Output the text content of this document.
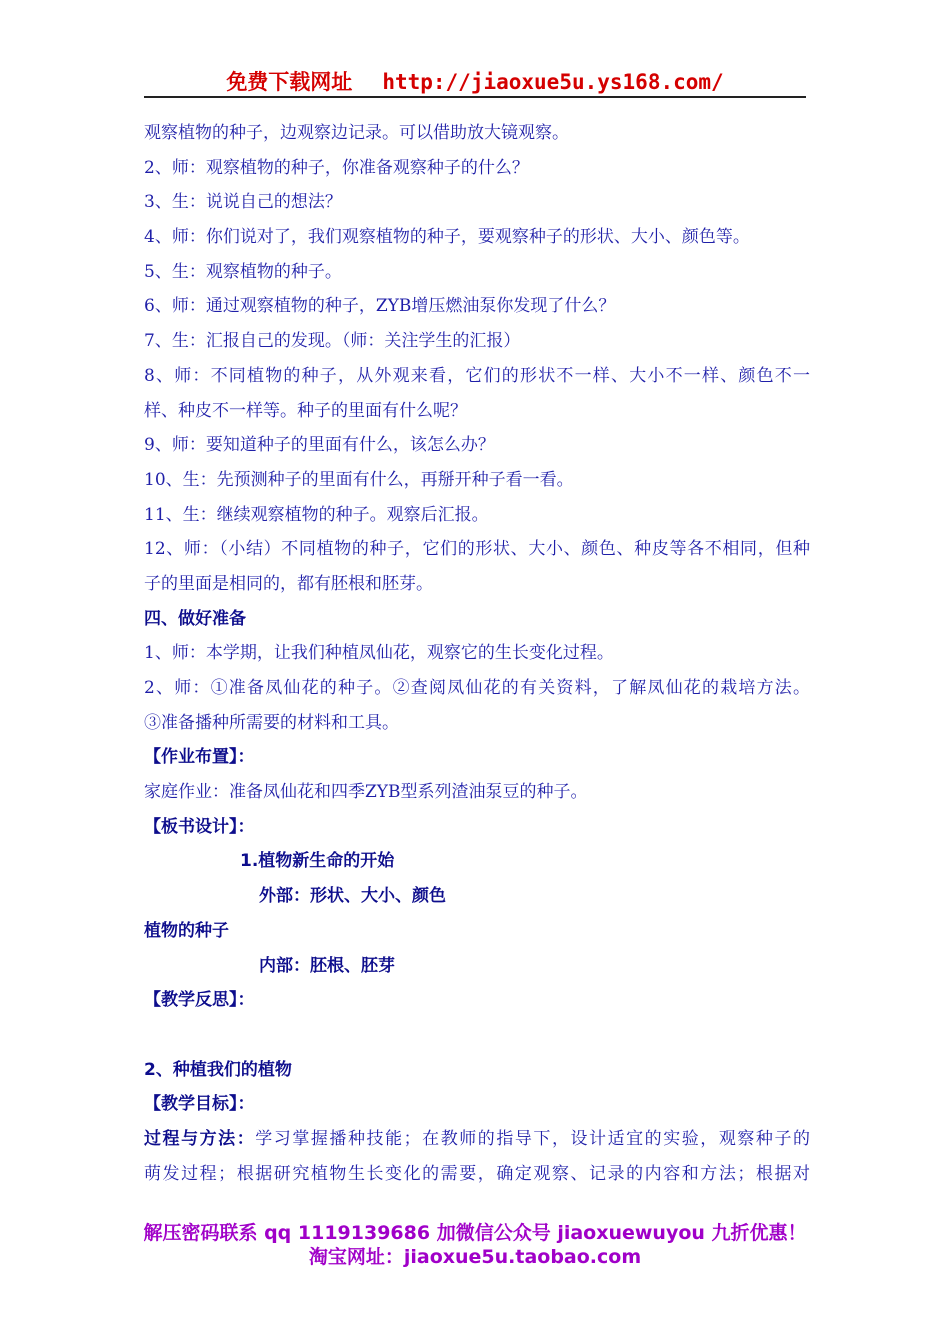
免费下载网址 http://jiaoxue5u.ys168.com/
观察植物的种子，边观察边记录。可以借助放大镜观察。
2、师：观察植物的种子，你准备观察种子的什么？
3、生：说说自己的想法？
4、师：你们说对了，我们观察植物的种子，要观察种子的形状、大小、颜色等。
5、生：观察植物的种子。
6、师：通过观察植物的种子，ZYB增压燃油泵你发现了什么？
7、生：汇报自己的发现。（师：关注学生的汇报）
8、师：不同植物的种子，从外观来看，它们的形状不一样、大小不一样、颜色不一
样、种皮不一样等。种子的里面有什么呢？
9、师：要知道种子的里面有什么，该怎么办？
10、生：先预测种子的里面有什么，再掰开种子看一看。
11、生：继续观察植物的种子。观察后汇报。
12、师：（小结）不同植物的种子，它们的形状、大小、颜色、种皮等各不相同，但种
子的里面是相同的，都有胚根和胚芽。
四、做好准备
1、师：本学期，让我们种植凤仙花，观察它的生长变化过程。
2、师：①准备凤仙花的种子。②查阅凤仙花的有关资料，了解凤仙花的栽培方法。
③准备播种所需要的材料和工具。
【作业布置】：
家庭作业：准备凤仙花和四季ZYB型系列渣油泵豆的种子。
【板书设计】：
1.植物新生命的开始
外部：形状、大小、颜色
植物的种子
内部：胚根、胚芽
【教学反思】：
2、种植我们的植物
【教学目标】：
过程与方法：学习掌握播种技能；在教师的指导下，设计适宜的实验，观察种子的
萌发过程；根据研究植物生长变化的需要，确定观察、记录的内容和方法；根据对
解压密码联系 qq 1119139686 加微信公众号 jiaoxuewuyou 九折优惠！
淘宝网址：jiaoxue5u.taobao.com
